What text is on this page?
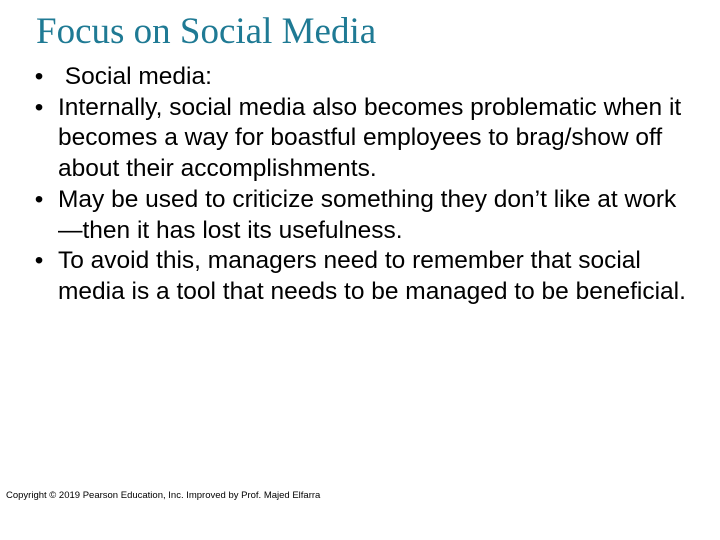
Focus on Social Media
• Social media:
• Internally, social media also becomes problematic when it becomes a way for boastful employees to brag/show off about their accomplishments.
• May be used to criticize something they don’t like at work—then it has lost its usefulness.
• To avoid this, managers need to remember that social media is a tool that needs to be managed to be beneficial.
Copyright © 2019 Pearson Education, Inc. Improved by Prof. Majed Elfarra
